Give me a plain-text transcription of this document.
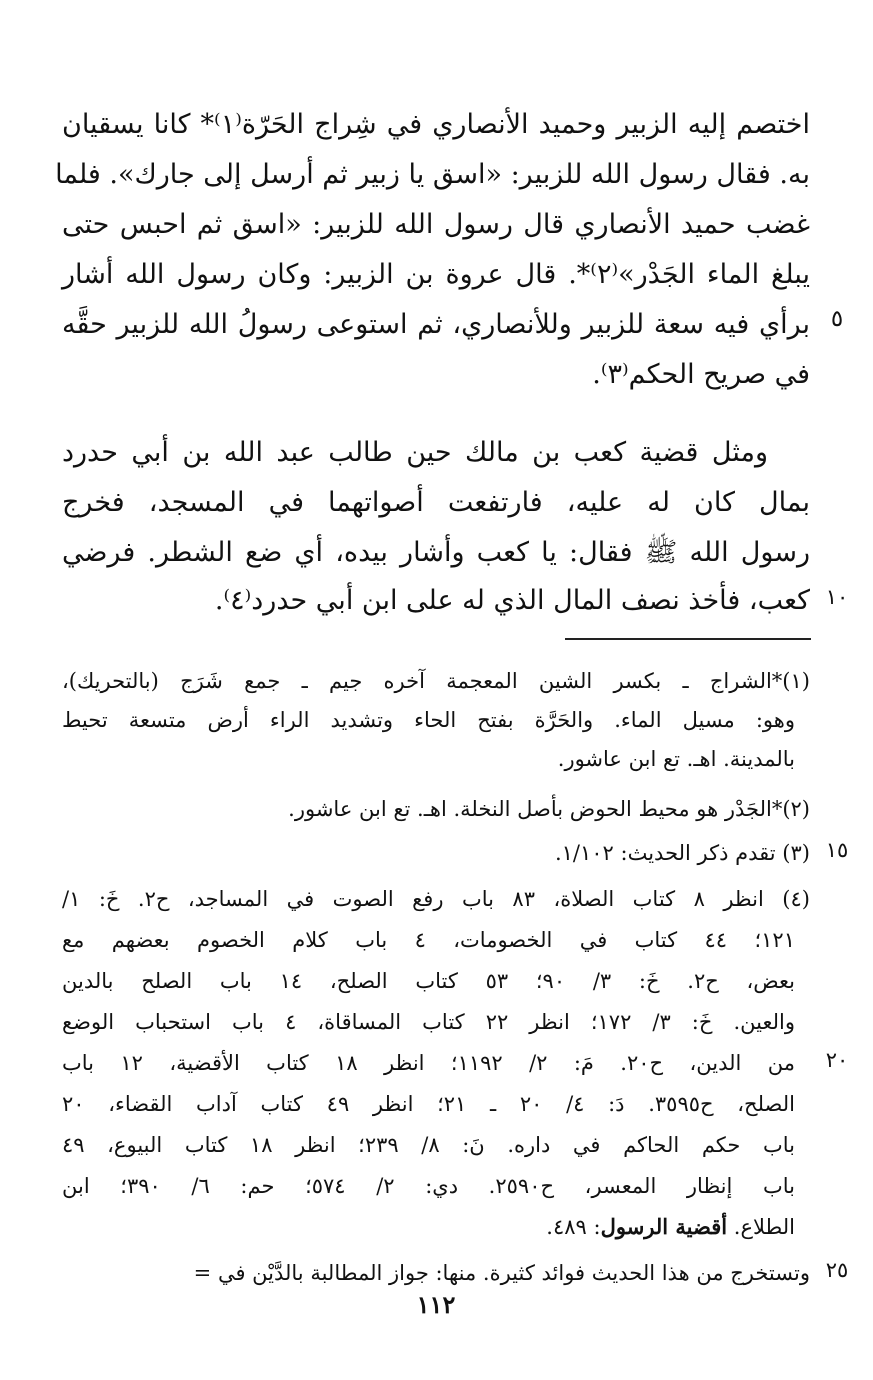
اختصم إليه الزبير وحميد الأنصاري في شِراج الحَرّة⁽١⁾* كانا يسقيان
به. فقال رسول الله للزبير: «اسق يا زبير ثم أرسل إلى جارك». فلما
غضب حميد الأنصاري قال رسول الله للزبير: «اسق ثم احبس حتى
يبلغ الماء الجَدْر»⁽٢⁾*. قال عروة بن الزبير: وكان رسول الله أشار
برأي فيه سعة للزبير وللأنصاري، ثم استوعى رسولُ الله للزبير حقَّه
في صريح الحكم⁽٣⁾.
٥
ومثل قضية كعب بن مالك حين طالب عبد الله بن أبي حدرد
بمال كان له عليه، فارتفعت أصواتهما في المسجد، فخرج
رسول الله ﷺ فقال: يا كعب وأشار بيده، أي ضع الشطر. فرضي
كعب، فأخذ نصف المال الذي له على ابن أبي حدرد⁽٤⁾. ١٠
(١)*الشراج ـ بكسر الشين المعجمة آخره جيم ـ جمع شَرَج (بالتحريك)،
وهو: مسيل الماء. والحَرَّة بفتح الحاء وتشديد الراء أرض متسعة تحيط
بالمدينة. اهـ. تع ابن عاشور.
(٢)*الجَدْر هو محيط الحوض بأصل النخلة. اهـ. تع ابن عاشور.
(٣) تقدم ذكر الحديث: ١/١٠٢. ١٥
(٤) انظر ٨ كتاب الصلاة، ٨٣ باب رفع الصوت في المساجد، ح٢. خَ: ١/
١٢١؛ ٤٤ كتاب في الخصومات، ٤ باب كلام الخصوم بعضهم مع
بعض، ح٢. خَ: ٣/ ٩٠؛ ٥٣ كتاب الصلح، ١٤ باب الصلح بالدين
والعين. خَ: ٣/ ١٧٢؛ انظر ٢٢ كتاب المساقاة، ٤ باب استحباب الوضع
من الدين، ح٢٠. مَ: ٢/ ١١٩٢؛ انظر ١٨ كتاب الأقضية، ١٢ باب	٢٠
الصلح، ح٣٥٩٥. دَ: ٤/ ٢٠ ـ ٢١؛ انظر ٤٩ كتاب آداب القضاء، ٢٠
باب حكم الحاكم في داره. نَ: ٨/ ٢٣٩؛ انظر ١٨ كتاب البيوع، ٤٩
باب إنظار المعسر، ح٢٥٩٠. دي: ٢/ ٥٧٤؛ حم: ٦/ ٣٩٠؛ ابن
الطلاع. أقضية الرسول: ٤٨٩.
وتستخرج من هذا الحديث فوائد كثيرة. منها: جواز المطالبة بالدَّيْن في = ٢٥
١١٢
